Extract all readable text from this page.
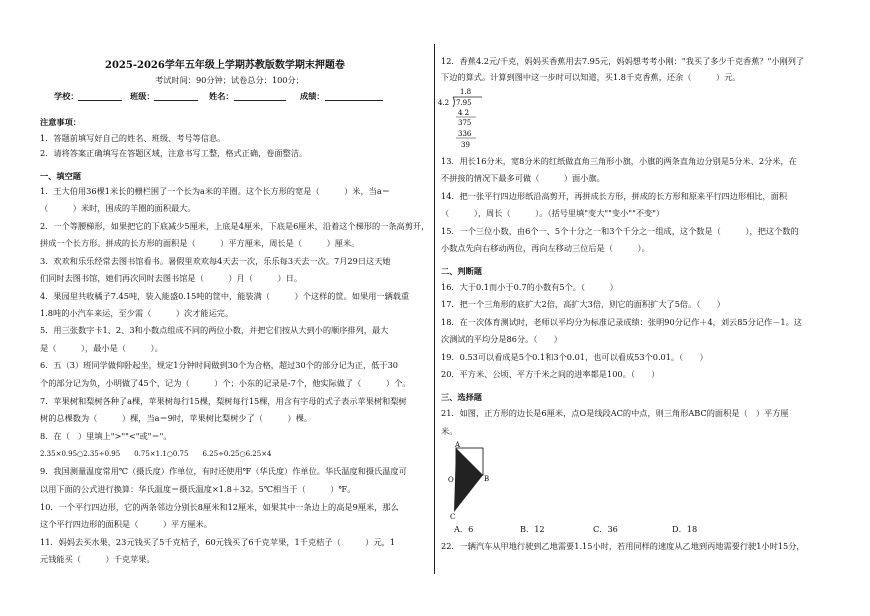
2025-2026学年五年级上学期苏教版数学期末押题卷
考试时间：90分钟；试卷总分：100分；
学校：	班级：	姓名：	成绩：
注意事项：
1．答题前填写好自己的姓名、班级、考号等信息。
2．请将答案正确填写在答题区域，注意书写工整，格式正确，卷面整洁。
一、填空题
1．王大伯用36棵1米长的栅栏围了一个长为a米的羊圈。这个长方形的宽是（　　　）米，当a＝
（　　　）米时，围成的羊圈的面积最大。
2．一个等腰梯形，如果把它的下底减少5厘米，上底是4厘米，下底是6厘米，沿着这个梯形的一条高剪开，
拼成一个长方形。拼成的长方形的面积是（　　　）平方厘米，周长是（　　　）厘米。
3．欢欢和乐乐经常去图书馆看书。暑假里欢欢每4天去一次，乐乐每3天去一次。7月29日这天她
们同时去图书馆，她们再次同时去图书馆是（　　　）月（　　　）日。
4．果园里共收橘子7.45吨，装入能盛0.15吨的筐中，能装满（　　　）个这样的筐。如果用一辆载重
1.8吨的小汽车来运，至少需（　　　）次才能运完。
5．用三张数字卡1、2、3和小数点组成不同的两位小数，并把它们按从大到小的顺序排列，最大
是（　　　），最小是（　　　）。
6．五（3）班同学做仰卧起坐，规定1分钟时间做到30个为合格，超过30个的部分记为正，低于30
个的部分记为负，小明做了45个，记为（　　　）个；小东的记录是-7个，他实际做了（　　　）个。
7．苹果树和梨树各种了a棵，苹果树每行15棵，梨树每行15棵，用含有字母的式子表示苹果树和梨树
树的总棵数为（　　　）棵，当a＝9时，苹果树比梨树少了（　　　）棵。
8．在（　）里填上">""<"或"＝"。
2.35×0.95○2.35÷0.95　　0.75×1.1○0.75　　6.25÷0.25○6.25×4
9．我国测量温度常用℃（摄氏度）作单位，有时还使用℉（华氏度）作单位。华氏温度和摄氏温度可
以用下面的公式进行换算：华氏温度＝摄氏温度×1.8＋32。5℃相当于（　　　）℉。
10．一个平行四边形，它的两条邻边分别长8厘米和12厘米，如果其中一条边上的高是9厘米，那么
这个平行四边形的面积是（　　　）平方厘米。
11．妈妈去买水果，23元钱买了5千克桔子，60元钱买了6千克苹果，1千克桔子（　　　）元，1
元钱能买（　　　）千克苹果。
12．香蕉4.2元/千克，妈妈买香蕉用去7.95元，妈妈想考考小刚："我买了多少千克香蕉？"小刚列了
下边的算式。计算到图中这一步时可以知道，买1.8千克香蕉，还余（　　　）元。
1.8
4.2 7.95
4 2
375
336
39
13．用长16分米，宽8分米的红纸做直角三角形小旗，小旗的两条直角边分别是5分米、2分米，在
不拼接的情况下最多可做（　　　）面小旗。
14．把一张平行四边形纸沿高剪开，再拼成长方形，拼成的长方形和原来平行四边形相比，面积
（　　　），周长（　　　）。（括号里填"变大""变小""不变"）
15．一个三位小数，由6个一、5个十分之一和3个千分之一组成，这个数是（　　　），把这个数的
小数点先向右移动两位，再向左移动三位后是（　　　）。
二、判断题
16．大于0.1而小于0.7的小数有5个。（　　　）
17．把一个三角形的底扩大2倍，高扩大3倍，则它的面积扩大了5倍。（　　）
18．在一次体育测试时，老师以平均分为标准记录成绩：张明90分记作＋4，刘云85分记作－1。这
次测试的平均分是86分。（　　）
19．0.53可以看成是5个0.1和3个0.01，也可以看成53个0.01。（　　）
20．平方米、公顷、平方千米之间的进率都是100。（　　）
三、选择题
21．如图，正方形的边长是6厘米，点O是线段AC的中点，则三角形ABC的面积是（　）平方厘
米。
A
B
C
O
A．6	B．12	C．36	D．18
22．一辆汽车从甲地行驶到乙地需要1.15小时，若用同样的速度从乙地到丙地需要行驶1小时15分，
